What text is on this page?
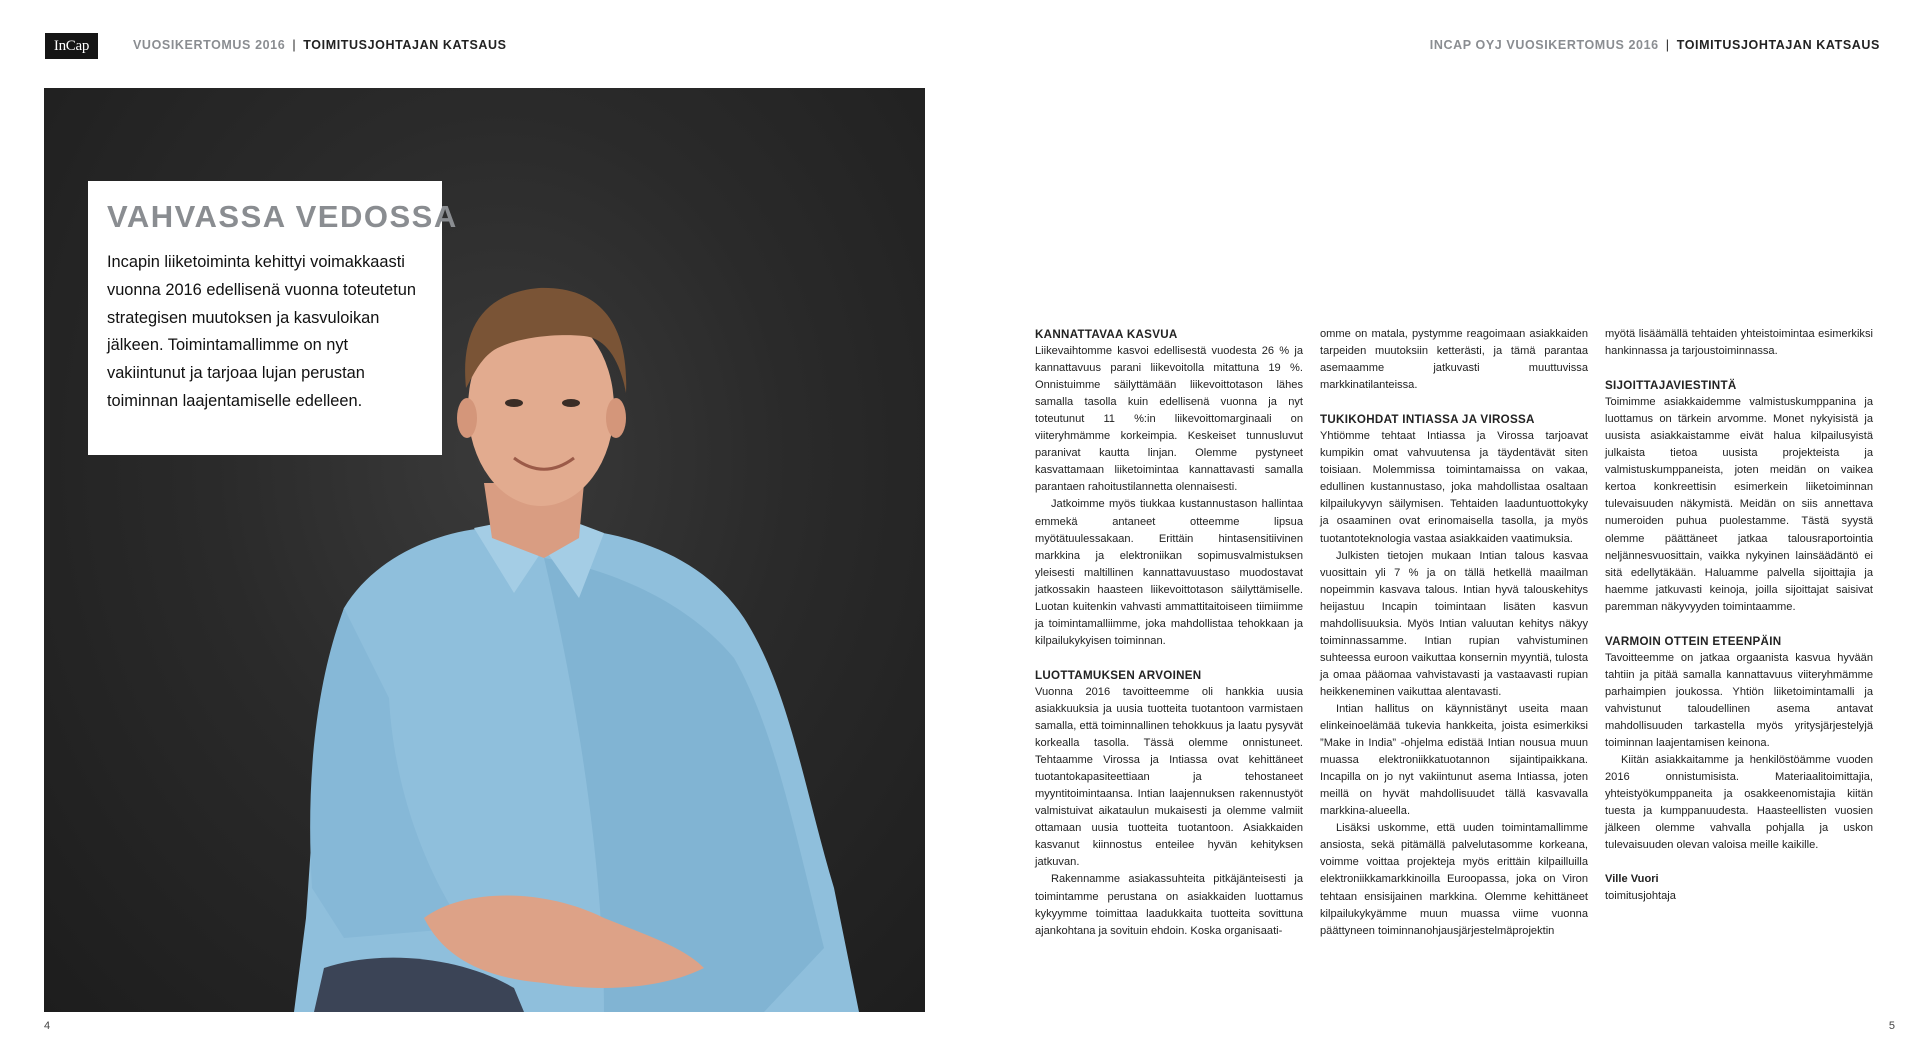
InCap	VUOSIKERTOMUS 2016 | TOIMITUSJOHTAJAN KATSAUS	INCAP OYJ VUOSIKERTOMUS 2016 | TOIMITUSJOHTAJAN KATSAUS
VAHVASSA VEDOSSA
Incapin liiketoiminta kehittyi voimakkaasti vuonna 2016 edellisenä vuonna toteutetun strategisen muutoksen ja kasvuloikan jälkeen. Toimintamallimme on nyt vakiintunut ja tarjoaa lujan perustan toiminnan laajentamiselle edelleen.
KANNATTAVAA KASVUA

Liikevaihtomme kasvoi edellisestä vuodesta 26 % ja kannattavuus parani liikevoitolla mitattuna 19 %. Onnistuimme säilyttämään liikevoittotason lähes samalla tasolla kuin edellisenä vuonna ja nyt toteutunut 11 %:in liikevoittomarginaali on viiteryhmämme korkeimpia. Keskeiset tunnusluvut paranivat kautta linjan. Olemme pystyneet kasvattamaan liiketoimintaa kannattavasti samalla parantaen rahoitustilannetta olennaisesti.

Jatkoimme myös tiukkaa kustannustason hallintaa emmekä antaneet otteemme lipsua myötätuulessakaan. Erittäin hintasensitiivinen markkina ja elektroniikan sopimusvalmistuksen yleisesti maltillinen kannattavuustaso muodostavat jatkossakin haasteen liikevoittotason säilyttämiselle. Luotan kuitenkin vahvasti ammattitaitoiseen tiimiimme ja toimintamalliimme, joka mahdollistaa tehokkaan ja kilpailukykyisen toiminnan.

LUOTTAMUKSEN ARVOINEN

Vuonna 2016 tavoitteemme oli hankkia uusia asiakkuuksia ja uusia tuotteita tuotantoon varmistaen samalla, että toiminnallinen tehokkuus ja laatu pysyvät korkealla tasolla. Tässä olemme onnistuneet. Tehtaamme Virossa ja Intiassa ovat kehittäneet tuotantokapasiteettiaan ja tehostaneet myyntitoimintaansa. Intian laajennuksen rakennustyöt valmistuivat aikataulun mukaisesti ja olemme valmiit ottamaan uusia tuotteita tuotantoon. Asiakkaiden kasvanut kiinnostus enteilee hyvän kehityksen jatkuvan.

Rakennamme asiakassuhteita pitkäjänteisesti ja toimintamme perustana on asiakkaiden luottamus kykyymme toimittaa laadukkaita tuotteita sovittuna ajankohtana ja sovituin ehdoin. Koska organisaati-

omme on matala, pystymme reagoimaan asiakkaiden tarpeiden muutoksiin ketterästi, ja tämä parantaa asemaamme jatkuvasti muuttuvissa markkinatilanteissa.

TUKIKOHDAT INTIASSA JA VIROSSA

Yhtiömme tehtaat Intiassa ja Virossa tarjoavat kumpikin omat vahvuutensa ja täydentävät siten toisiaan. Molemmissa toimintamaissa on vakaa, edullinen kustannustaso, joka mahdollistaa osaltaan kilpailukyvyn säilymisen. Tehtaiden laaduntuottokyky ja osaaminen ovat erinomaisella tasolla, ja myös tuotantoteknologia vastaa asiakkaiden vaatimuksia.

Julkisten tietojen mukaan Intian talous kasvaa vuosittain yli 7 % ja on tällä hetkellä maailman nopeimmin kasvava talous. Intian hyvä talouskehitys heijastuu Incapin toimintaan lisäten kasvun mahdollisuuksia. Myös Intian valuutan kehitys näkyy toiminnassamme. Intian rupian vahvistuminen suhteessa euroon vaikuttaa konsernin myyntiä, tulosta ja omaa pääomaa vahvistavasti ja vastaavasti rupian heikkeneminen vaikuttaa alentavasti.

Intian hallitus on käynnistänyt useita maan elinkeinoelämää tukevia hankkeita, joista esimerkiksi ”Make in India” -ohjelma edistää Intian nousua muun muassa elektroniikkatuotannon sijaintipaikkana. Incapilla on jo nyt vakiintunut asema Intiassa, joten meillä on hyvät mahdollisuudet tällä kasvavalla markkina-alueella.

Lisäksi uskomme, että uuden toimintamallimme ansiosta, sekä pitämällä palvelutasomme korkeana, voimme voittaa projekteja myös erittäin kilpailluilla elektroniikkamarkkinoilla Euroopassa, joka on Viron tehtaan ensisijainen markkina. Olemme kehittäneet kilpailukykyämme muun muassa viime vuonna päättyneen toiminnanohjausjärjestelmäprojektin

myötä lisäämällä tehtaiden yhteistoimintaa esimerkiksi hankinnassa ja tarjoustoiminnassa.

SIJOITTAJAVIESTINTÄ

Toimimme asiakkaidemme valmistuskumppanina ja luottamus on tärkein arvomme. Monet nykyisistä ja uusista asiakkaistamme eivät halua kilpailusyistä julkaista tietoa uusista projekteista ja valmistuskumppaneista, joten meidän on vaikea kertoa konkreettisin esimerkein liiketoiminnan tulevaisuuden näkymistä. Meidän on siis annettava numeroiden puhua puolestamme. Tästä syystä olemme päättäneet jatkaa talousraportointia neljännesvuosittain, vaikka nykyinen lainsäädäntö ei sitä edellytäkään. Haluamme palvella sijoittajia ja haemme jatkuvasti keinoja, joilla sijoittajat saisivat paremman näkyvyyden toimintaamme.

VARMOIN OTTEIN ETEENPÄIN

Tavoitteemme on jatkaa orgaanista kasvua hyvään tahtiin ja pitää samalla kannattavuus viiteryhmämme parhaimpien joukossa. Yhtiön liiketoimintamalli ja vahvistunut taloudellinen asema antavat mahdollisuuden tarkastella myös yritysjärjestelyjä toiminnan laajentamisen keinona.

Kiitän asiakkaitamme ja henkilöstöämme vuoden 2016 onnistumisista. Materiaalitoimittajia, yhteistyökumppaneita ja osakkeenomistajia kiitän tuesta ja kumppanuudesta. Haasteellisten vuosien jälkeen olemme vahvalla pohjalla ja uskon tulevaisuuden olevan valoisa meille kaikille.

Ville Vuori
toimitusjohtaja
4	5
